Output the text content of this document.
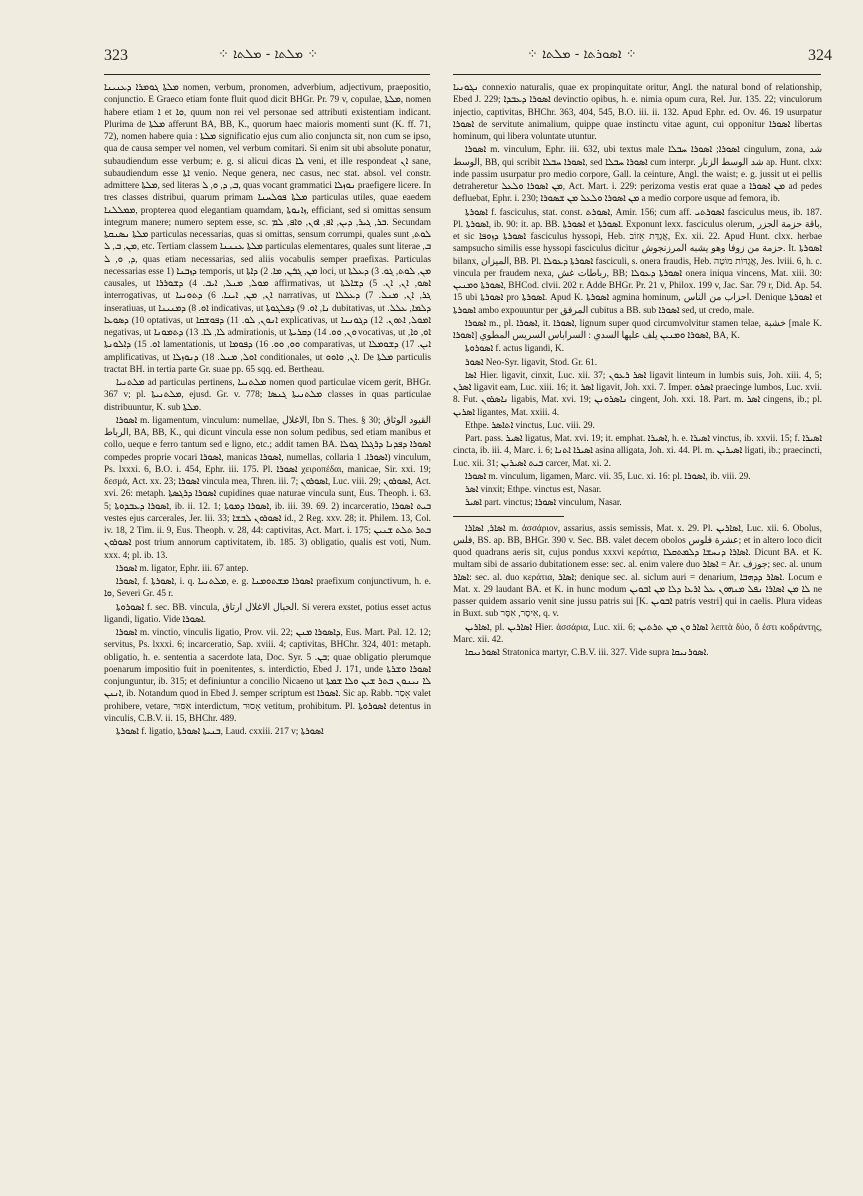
323	⁘ ܡܠܬܐ - ܡܠܬܐ ⁘	⁘ ܐܣܘܪܬܐ - ܡܠܬܐ ⁘	324

ܡܠܬܐ ܓܘܡܪܐ ܕܥܢܝܢܐ nomen, verbum, pronomen, adverbium, adjectivum, praepositio, conjunctio. E Graeco etiam fonte fluit quod dicit BHGr. Pr. 79 v, copulae, ܡܠܬܐ, nomen habere etiam ܐ et ܘܐ, quum non rei vel personae sed attributi existentiam indicant. Plurima de ܡܠܬܐ afferunt BA, BB, K., quorum haec maioris momenti sunt (K. ff. 71, 72), nomen habere quia : ܡܠܬܐ significatio ejus cum alio conjuncta sit, non cum se ipso, qua de causa semper vel nomen, vel verbum comitari. Si enim sit ubi absolute ponatur, subaudiendum esse verbum; e. g. si alicui dicas ܠܐ veni, et ille respondeat ܐܢ sane, subaudiendum esse ܐܬܐ venio. Neque genera, nec casus, nec stat. absol. vel constr. admittere ܡܠܬܐ, sed literas ܒ, ܕ, ܘ, ܠ, quas vocant grammatici ܢܘܙܠܐ praefigere licere. In tres classes distribui, quarum primam ܡܠܬܐ ܦܘܠܚܢܐ particulas utiles, quae eaedem ܡܡܠܠܢܐ, propterea quod elegantiam quamdam, ܙܐܢܘܬܐ, efficiant, sed si omittas sensum integrum manere; numero septem esse, sc. ܒܪ, ܓܝܪ, ܕܝܢ, ܐܦ, ܐܘܢ, ܘܐܦ, ܠܡ. Secundam ܡܠܬܐ ܢܣܢܩܬܐ particulas necessarias, quas si omittas, sensum corrumpi, quales sunt ܠܘܬ, ܡܢ, ܒ, ܠ, etc. Tertiam classem ܡܠܬܐ ܥܢܢܢܐ particulas elementares, quales sunt literae ܒ, ܕ, ܘ, ܠ, quas etiam necessarias, sed aliis vocabulis semper praefixas. Particulas necessarias esse 1) ܕܙܒܢܐ temporis, ut ܡܢ, ܓܭܢ, ܡܐ. 2) ܕܐܬܐ loci, ut ܡܢ, ܠܘܬ, ܓܘ. 3) ܕܥܠܬܐ causales, ut ܡܘܠ, ܡܢܠ, ܐܝܒ. 4) ܕܫܘܪܪܐ affirmativas, ut ܐܣܘ, ܐܢ, ܐܢ. 5) ܕܫܐܠܬܐ interrogativas, ut ܐܢ, ܡܢ, ܐܝܢܐ. 6) ܕܬܘܢܝܐ narrativas, ut ܓܪ, ܐܢ, ܡܢܠ. 7) ܕܥܠܠܐ inseratiuas, ut ܐܘ. 8) ܕܡܢܝܢܐ indicativas, ut ܢܐ, ܐܘ. 9) ܕܦܠܓܘܬܐ dubitativas, ut ܕܠܡܐ, ܥܠܠ. 10) ܕܣܘܥܐ optativas, ut ܐܢܘܢ, ܠܘ. 11) ܕܦܘܫܩܐ explicativas, ut ܐܡܘܠ, ܐܬܘܢ. 12) ܕܓܘܢܢܐ negativas, ut ܠܐ, ܠܐ. 13) ܕܬܡܘܢܐ admirationis, ut ܘܢ, ܘܘ. 14) ܕܩܪܝܬܐ vocativas, ut ܐܘ, ܘܐ, ܐܘ. 15) ܕܐܠܘܢܬܐ lamentationis, ut ܘܘ, ܘܘ. 16) ܕܦܘܡܐ comparativas, ut ܐܝܢ. 17) ܕܫܘܡܠܐ amplificativas, ut ܐܘܠ, ܡܢܠ. 18) ܕܢܘܙܠܐ conditionales, ut ܐܢ, ܘܐܘܘ. De ܡܠܬܐ particulis tractat BH. in tertia parte Gr. suae pp. 65 sqq. ed. Bertheau.

ܡܠܬܢܝܐ ad particulas pertinens, ܡܠܬܢܝܐ nomen quod particulae vicem gerit, BHGr. 367 v; pl. ܡܠܬܢܝܬܐ, ejusd. Gr. v. 778; ܡܠܬܢܝܬܐ ܓܢܣܐ classes in quas particulae distribuuntur, K. sub ܡܠܬܐ.

ܐܣܘܪܐ m. ligamentum, vinculum: numellae, الاغلال, Ibn S. Thes. § 30; القيود الوثاق الرباط, BA, BB, K., qui dicunt vincula esse non solum pedibus, sed etiam manibus et collo, ueque e ferro tantum sed e ligno, etc.; addit tamen BA. ܐܣܘܪܐ ܕܦܕܢܐ ܕܪܓܠܐ ܓܘܠܐ compedes proprie vocari ܐܣܘܪܐ, manicas ܐܣܘܪܐ, numellas, collaria ܐܣܘܪܐ. 1) vinculum, Ps. lxxxi. 6, B.O. i. 454, Ephr. iii. 175. Pl. ܐܣܘܪܐ χειροπέδαι, manicae, Sir. xxi. 19; δεσμά, Act. xx. 23; ܐܣܘܪܐ vincula mea, Thren. iii. 7; ܐܣܘܪܘܢ, Luc. viii. 29; ܐܣܘܪܘܢ, Act. xvi. 26: metaph. ܐܣܘܪܐ ܕܪܓܣܬܐ cupidines quae naturae vincula sunt, Eus. Theoph. i. 63. 5; ܐܣܘܪܐ ܕܥܒܕܘܬܐ, ib. ii. 12. 1; ܐܣܘܪܐ ܕܡܘܬܐ, ib. iii. 39. 69. 2) incarceratio, ܒܝܬ ܐܣܘܪܐ vestes ejus carcerales, Jer. lii. 33; ܐܣܘܪܘܢ ܠܒܫܐ id., 2 Reg. xxv. 28; it. Philem. 13, Col. iv. 18, 2 Tim. ii. 9, Eus. Theoph. v. 28, 44: captivitas, Act. Mart. i. 175; ܒܬܪ ܬܠܬ ܫܢܝܢ ܐܣܘܪܘܢ post trium annorum captivitatem, ib. 185. 3) obligatio, qualis est voti, Num. xxx. 4; pl. ib. 13.

ܐܣܘܪܐ m. ligator, Ephr. iii. 67 antep.

ܐܣܘܪܐ, f. ܐܣܘܪܬܐ, i. q. ܡܠܬܢܝܐ, e. g. ܐܣܘܪܐ ܡܫܬܘܡܢܐ praefixum conjunctivum, h. e. ܘܐ, Severi Gr. 45 r.

ܐܣܘܪܘܬܐ f. sec. BB. vincula, الحبال الاغلال ارتاق. Si verera exstet, potius esset actus ligandi, ligatio. Vide ܐܣܘܪܐ.

ܐܣܘܪܐ m. vinctio, vinculis ligatio, Prov. vii. 22; ܕܐܣܘܪܐ ܡܢܢ, Eus. Mart. Pal. 12. 12; servitus, Ps. lxxxi. 6; incarceratio, Sap. xviii. 4; captivitas, BHChr. 324, 401: metaph. obligatio, h. e. sententia a sacerdote lata, Doc. Syr. ܒܢ. 5; quae obligatio plerumque poenarum impositio fuit in poenitentes, s. interdictio, Ebed J. 171, unde ܐܣܘܪܐ ܘܫܪܬܐ conjunguntur, ib. 315; et definiuntur a concilio Nicaeno ut ܠܐ ܢܝܢܘܢ ܒܬܪ ܫܝܢ ܘܠܐ ܫܡܬܐ ܐܢܢܢ, ib. Notandum quod in Ebed J. semper scriptum est ܐܣܘܪܐ. Sic ap. Rabb. אָסַר valet prohibere, vetare, אִסּוּר interdictum, אָסוּר vetitum, prohibitum. Pl. ܐܣܘܪܘܬܐ detentus in vinculis, C.B.V. ii. 15, BHChr. 489.

ܐܣܘܪܬܐ f. ligatio, ܒܢܝܬܐ ܐܣܘܪܬܐ, Laud. cxxiii. 217 v; ܐܣܘܪܬܐ

ܢܓܘܢܝܐ connexio naturalis, quae ex propinquitate oritur, Angl. the natural bond of relationship, Ebed J. 229; ܐܣܘܪܐ ܕܥܒܕܐ devinctio opibus, h. e. nimia opum cura, Rel. Jur. 135. 22; vinculorum injectio, captivitas, BHChr. 363, 404, 545, B.O. iii. ii. 132. Apud Ephr. ed. Ov. 46. 19 usurpatur ܐܣܘܪܐ de servitute animalium, quippe quae instinctu vitae agunt, cui opponitur ܐܣܘܪܐ libertas hominum, qui libera voluntate utuntur.

ܐܣܘܪܐ m. vinculum, Ephr. iii. 632, ubi textus male ܐܣܘܪܐ; ܐܣܘܪܐ ܚܒܠܐ cingulum, zona, شد الوسط, BB, qui scribit ܐܣܘܪܐ ܚܒܠܐ, sed ܐܣܘܪܐ ܚܒܠܐ cum interpr. شد الوسط الزنار ap. Hunt. clxx: inde passim usurpatur pro medio corpore, Gall. la ceinture, Angl. the waist; e. g. jussit ut ei pellis detraheretur ܡܢ ܐܣܘܪܐ ܘܠܥܠ, Act. Mart. i. 229: perizoma vestis erat quae a ܡܢ ܐܣܘܪܐ ad pedes defluebat, Ephr. i. 230; ܡܢ ܐܣܘܪܐ ܘܠܥܠ ܡܢ ܫܣܘܪܐ a medio corpore usque ad femora, ib.

ܐܣܘܪܬܐ f. fasciculus, stat. const. ܐܣܘܪܬ, Amir. 156; cum aff. ܐܣܘܪܬܝ fasciculus meus, ib. 187. Pl. ܐܣܘܪܬܐ, ib. 90: it. ap. BB. ܐܣܘܪܬܐ et ܐܣܘܪܬܐ. Exponunt lexx. fasciculus olerum, باقة حزمة الجزر, et sic ܐܣܘܪܬܐ ܕܙܘܦܐ fasciculus hyssopi, Heb. אֲגֻדַּת אֵזוֹב, Ex. xii. 22. Apud Hunt. clxx. herbae sampsucho similis esse hyssopi fasciculus dicitur حزمة من زوفا وهو يشبه المرزنجوش. It. ܐܣܘܪܬܐ bilanx, الميزان, BB. Pl. ܐܣܘܪܬܐ ܕܥܘܠܐ fasciculi, s. onera fraudis, Heb. אֲגֻדּוֹת מוֹטָה, Jes. lviii. 6, h. c. vincula per fraudem nexa, رباطات غش, BB; ܐܣܘܪܬܐ ܕܥܘܠܐ onera iniqua vincens, Mat. xiii. 30: ܐܣܘܪܬܐ ܘܡܢܝܢ, BHCod. clvii. 202 r. Adde BHGr. Pr. 21 v, Philox. 199 v, Jac. Sar. 79 r, Did. Ap. 54. 15 ubi ܐܣܘܪܬܐ pro ܐܣܘܪܬܐ. Apud K. ܐܣܘܪܬܐ agmina hominum, احزاب من الناس. Denique ܐܣܘܪܬܐ et ܐܣܘܪܬܐ ambo expouuntur per المرفق cubitus a BB. sub ܐܣܘܪܐ sed, ut credo, male.

ܐܣܘܪܐ m., pl. ܐܣܘܪܐ, it. ܐܣܘܪܐ, lignum super quod circumvolvitur stamen telae, خشبة [male K. ܐܣܘܪܐ] ܐܣܘܪܐ ܘܡܢܝܢ يلف عليها السدي : السراباس السريس المطوي, BA, K.

ܐܣܘܪܘܬܐ f. actus ligandi, K.

ܐܣܘܪ Neo-Syr. ligavit, Stod. Gr. 61.

ܐܣܐ Hier. ligavit, cinxit, Luc. xii. 37; ܐܣܪ ܪܥܘܢ ligavit linteum in lumbis suis, Joh. xiii. 4, 5; ܐܣܪܢ ligavit eam, Luc. xiii. 16; it. ܐܣܪ ligavit, Joh. xxi. 7. Imper. ܐܣܪܘ praecinge lumbos, Luc. xvii. 8. Fut. ܢܐܣܪܘܢ ligabis, Mat. xvi. 19; ܢܐܣܪܘܢܢ cingent, Joh. xxi. 18. Part. m. ܐܣܪ cingens, ib.; pl. ܐܣܪܝܢ ligantes, Mat. xxiii. 4.

Ethpe. ܐܬܐܣܪ vinctus, Luc. viii. 29.

Part. pass. ܐܣܝܪ ligatus, Mat. xvi. 19; it. emphat. ܐܣܝܪܐ, h. e. ܐܣܝܪܐ vinctus, ib. xxvii. 15; f. ܐܣܝܪܐ cincta, ib. iii. 4, Marc. i. 6; ܐܣܝܪܐ ܐܬܢܐ asina alligata, Joh. xi. 44. Pl. m. ܐܣܝܪܝܢ ligati, ib.; praecincti, Luc. xii. 31; ܒܝܬ ܐܣܝܪܝܢ carcer, Mat. xi. 2.

ܐܣܘܪܐ m. vinculum, ligamen, Marc. vii. 35, Luc. xi. 16: pl. ܐܣܘܪܐ, ib. viii. 29.

ܐܣܪ vinxit; Ethpe. vinctus est, Nasar.

ܐܣܝܪ part. vinctus; ܐܣܘܪܐ vinculum, Nasar.

ܐܣܐܪ, ܐܣܐܪܐ m. ἀσσάριον, assarius, assis semissis, Mat. x. 29. Pl. ܐܣܐܪܝܢ, Luc. xii. 6. Obolus, فلس, BS. ap. BB, BHGr. 390 v. Sec. BB. valet decem obolos عشرة فلوس; et in altero loco dicit quod quadrans aeris sit, cujus pondus xxxvi κεράτια, ܐܣܐܪܐ ܕܢܚܫܐ ܕܠܡܬܩܠܐ. Dicunt BA. et K. multam sibi de assario dubitationem esse: sec. al. enim valere duo ܐܣܐܪ = Ar. جوزف; sec. al. unum ܐܣܐܪ: sec. al. duo κεράτια, ܐܣܐܪ; denique sec. al. siclum auri = denarium, ܐܣܐܪ ܕܕܗܒܐ. Locum e Mat. x. 29 laudant BA. et K. in hunc modum ܠܐ ܡܢ ܐܣܐܪܐ ܢܦܠ ܡܢܗܘܢ ܥܠ ܐܪܥܐ ܕܠܐ ܡܢ ܐܒܘܝܢ ne passer quidem assario venit sine jussu patris sui [K. ܐܒܘܝܢ patris vestri] qui in caelis. Plura videas in Buxt. sub אִיסָר, אִסָּר, q. v.

ܐܣܐܪܝܢ, pl. ܐܣܐܪܝܢ Hier. ἀσσάρια, Luc. xii. 6; ܐܣܐܪ ܘܢ ܡܢ ܬܪܬܝܢ λεπτὰ δύο, ὅ ἐστι κοδράντης, Marc. xii. 42.

ܐܣܘܪܢܝܩܐ Stratonica martyr, C.B.V. iii. 327. Vide supra ܐܣܘܪܢܝܩܐ.
